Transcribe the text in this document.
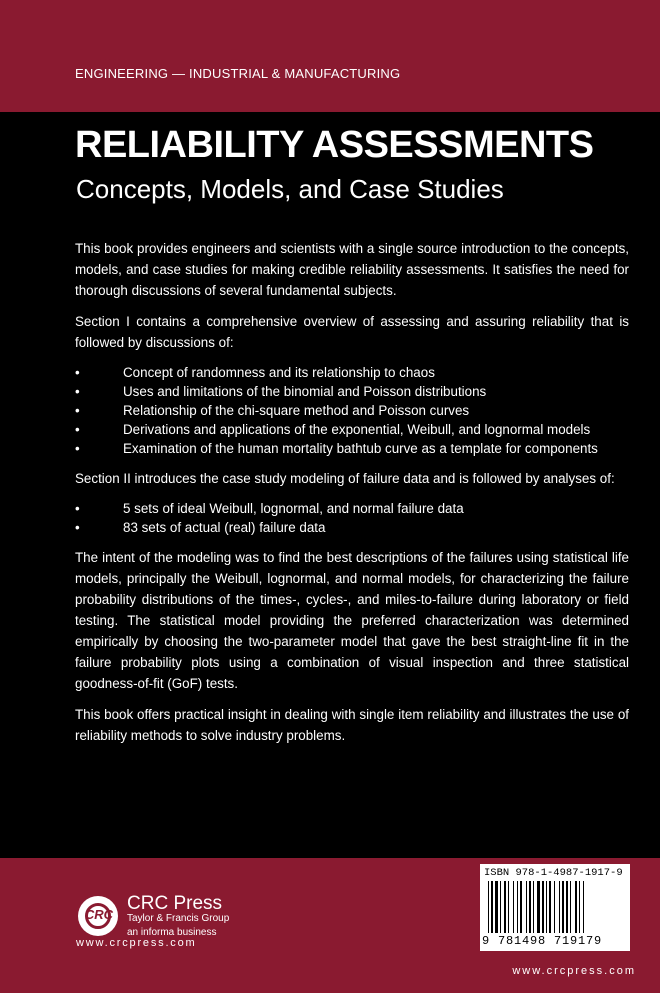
ENGINEERING — INDUSTRIAL & MANUFACTURING
RELIABILITY ASSESSMENTS
Concepts, Models, and Case Studies

This book provides engineers and scientists with a single source introduction to the concepts, models, and case studies for making credible reliability assessments. It satisfies the need for thorough discussions of several fundamental subjects.

Section I contains a comprehensive overview of assessing and assuring reliability that is followed by discussions of:

•	Concept of randomness and its relationship to chaos
•	Uses and limitations of the binomial and Poisson distributions
•	Relationship of the chi-square method and Poisson curves
•	Derivations and applications of the exponential, Weibull, and lognormal models
•	Examination of the human mortality bathtub curve as a template for components

Section II introduces the case study modeling of failure data and is followed by analyses of:

•	5 sets of ideal Weibull, lognormal, and normal failure data
•	83 sets of actual (real) failure data

The intent of the modeling was to find the best descriptions of the failures using statistical life models, principally the Weibull, lognormal, and normal models, for characterizing the failure probability distributions of the times-, cycles-, and miles-to-failure during laboratory or field testing. The statistical model providing the preferred characterization was determined empirically by choosing the two-parameter model that gave the best straight-line fit in the failure probability plots using a combination of visual inspection and three statistical goodness-of-fit (GoF) tests.

This book offers practical insight in dealing with single item reliability and illustrates the use of reliability methods to solve industry problems.

CRC
CRC Press
Taylor & Francis Group
an informa business
www.crcpress.com
ISBN 978-1-4987-1917-9
9 781498 719179
www.crcpress.com
